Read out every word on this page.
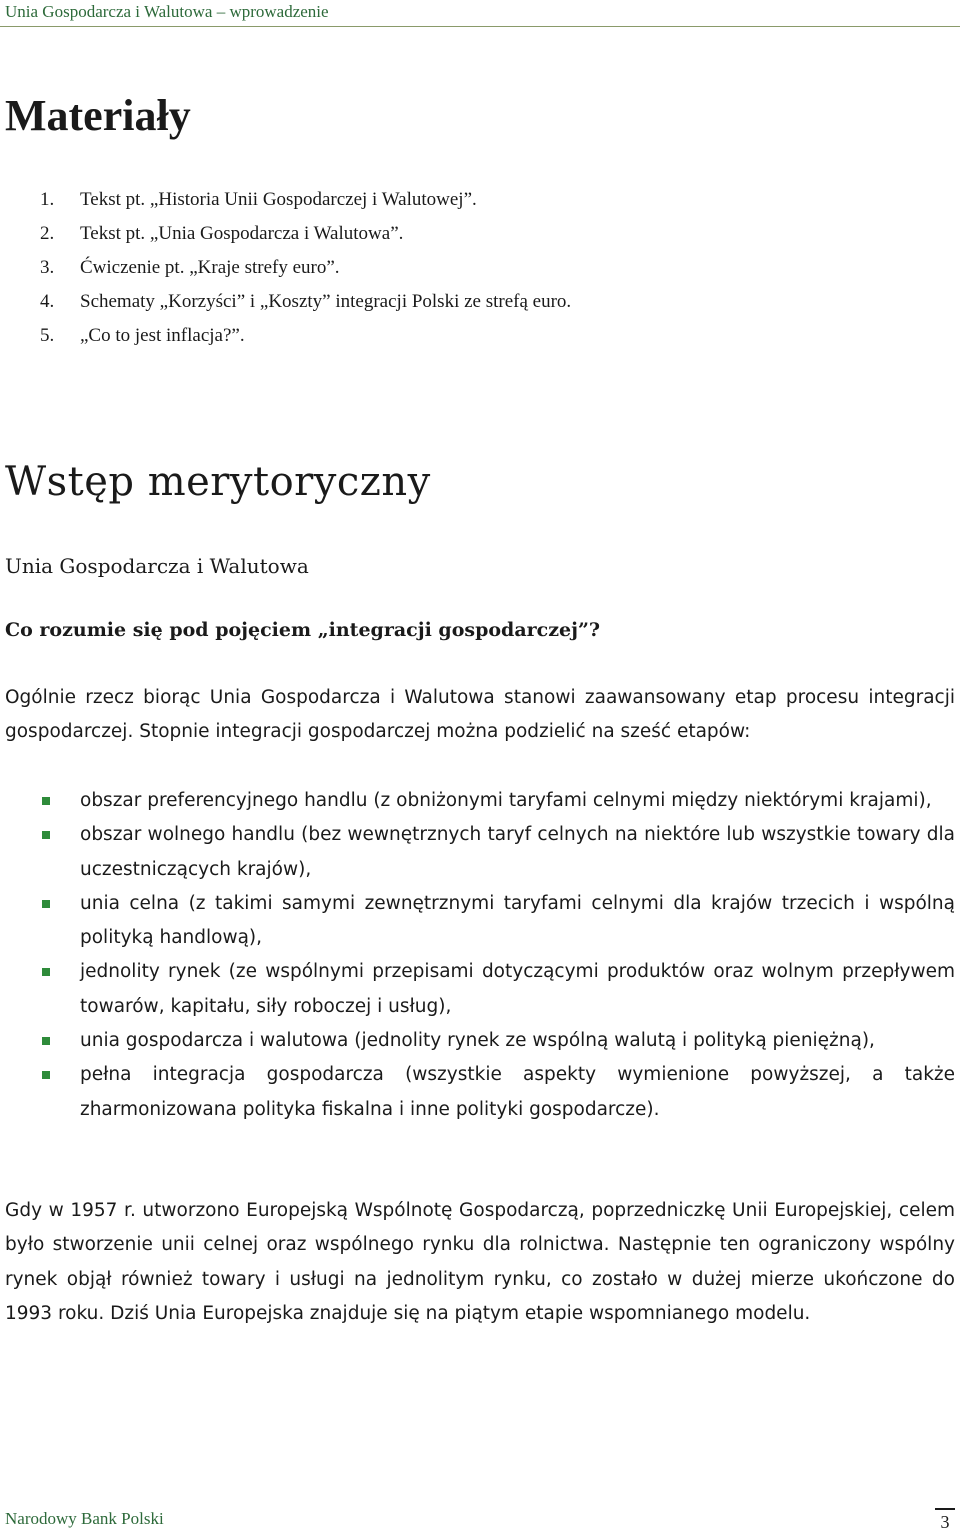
Unia Gospodarcza i Walutowa – wprowadzenie
Materiały
1. Tekst pt. „Historia Unii Gospodarczej i Walutowej”.
2. Tekst pt. „Unia Gospodarcza i Walutowa”.
3. Ćwiczenie pt. „Kraje strefy euro”.
4. Schematy „Korzyści” i „Koszty” integracji Polski ze strefą euro.
5. „Co to jest inflacja?”.
Wstęp merytoryczny
Unia Gospodarcza i Walutowa
Co rozumie się pod pojęciem „integracji gospodarczej”?

Ogólnie rzecz biorąc Unia Gospodarcza i Walutowa stanowi zaawansowany etap procesu integracji gospodarczej. Stopnie integracji gospodarczej można podzielić na sześć etapów:

obszar preferencyjnego handlu (z obniżonymi taryfami celnymi między niektórymi krajami),
obszar wolnego handlu (bez wewnętrznych taryf celnych na niektóre lub wszystkie towary dla uczestniczących krajów),
unia celna (z takimi samymi zewnętrznymi taryfami celnymi dla krajów trzecich i wspólną polityką handlową),
jednolity rynek (ze wspólnymi przepisami dotyczącymi produktów oraz wolnym przepływem towarów, kapitału, siły roboczej i usług),
unia gospodarcza i walutowa (jednolity rynek ze wspólną walutą i polityką pieniężną),
pełna integracja gospodarcza (wszystkie aspekty wymienione powyższej, a także zharmonizowana polityka fiskalna i inne polityki gospodarcze).

Gdy w 1957 r. utworzono Europejską Wspólnotę Gospodarczą, poprzedniczkę Unii Europejskiej, celem było stworzenie unii celnej oraz wspólnego rynku dla rolnictwa. Następnie ten ograniczony wspólny rynek objął również towary i usługi na jednolitym rynku, co zostało w dużej mierze ukończone do 1993 roku. Dziś Unia Europejska znajduje się na piątym etapie wspomnianego modelu.

Narodowy Bank Polski	3
